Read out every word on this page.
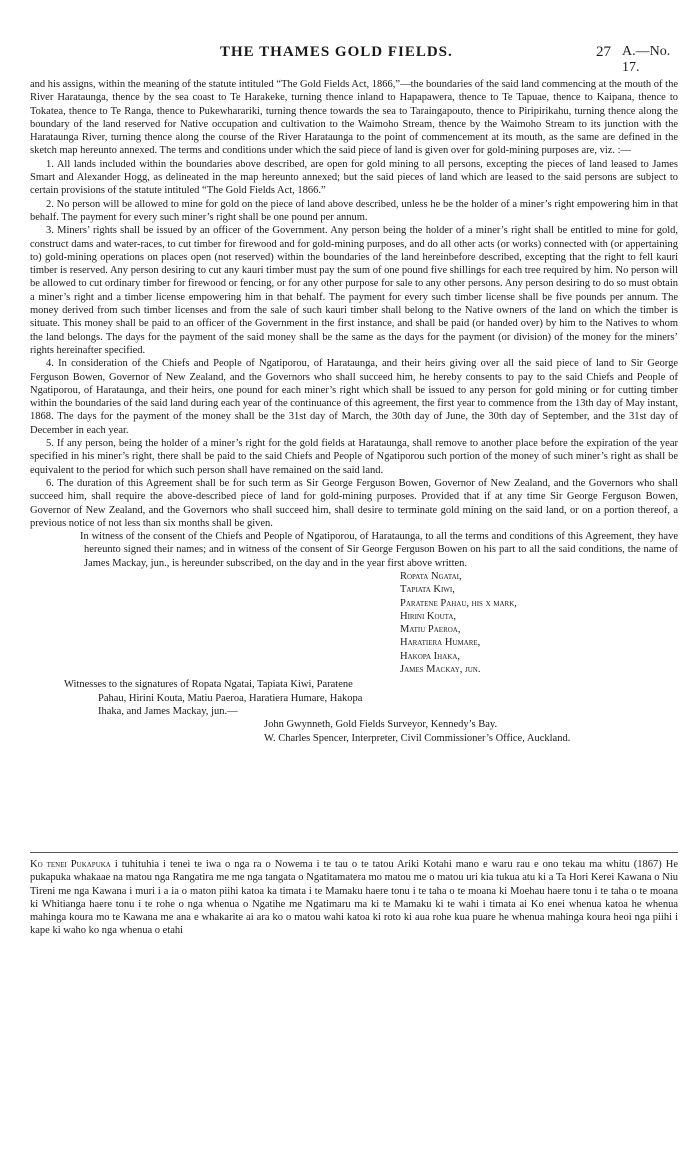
THE THAMES GOLD FIELDS.	27 A.—No. 17.

and his assigns, within the meaning of the statute intituled “The Gold Fields Act, 1866,”—the boundaries of the said land commencing at the mouth of the River Harataunga, thence by the sea coast to Te Harakeke, turning thence inland to Hapapawera, thence to Te Tapuae, thence to Kaipana, thence to Tokatea, thence to Te Ranga, thence to Pukewharariki, turning thence towards the sea to Taraingapouto, thence to Piripirikahu, turning thence along the boundary of the land reserved for Native occupation and cultivation to the Waimoho Stream, thence by the Waimoho Stream to its junction with the Harataunga River, turning thence along the course of the River Harataunga to the point of commencement at its mouth, as the same are defined in the sketch map hereunto annexed. The terms and conditions under which the said piece of land is given over for gold-mining purposes are, viz. :—

1. All lands included within the boundaries above described, are open for gold mining to all persons, excepting the pieces of land leased to James Smart and Alexander Hogg, as delineated in the map hereunto annexed; but the said pieces of land which are leased to the said persons are subject to certain provisions of the statute intituled “The Gold Fields Act, 1866.”

2. No person will be allowed to mine for gold on the piece of land above described, unless he be the holder of a miner’s right empowering him in that behalf. The payment for every such miner’s right shall be one pound per annum.

3. Miners’ rights shall be issued by an officer of the Government. Any person being the holder of a miner’s right shall be entitled to mine for gold, construct dams and water-races, to cut timber for firewood and for gold-mining purposes, and do all other acts (or works) connected with (or appertaining to) gold-mining operations on places open (not reserved) within the boundaries of the land hereinbefore described, excepting that the right to fell kauri timber is reserved. Any person desiring to cut any kauri timber must pay the sum of one pound five shillings for each tree required by him. No person will be allowed to cut ordinary timber for firewood or fencing, or for any other purpose for sale to any other persons. Any person desiring to do so must obtain a miner’s right and a timber license empowering him in that behalf. The payment for every such timber license shall be five pounds per annum. The money derived from such timber licenses and from the sale of such kauri timber shall belong to the Native owners of the land on which the timber is situate. This money shall be paid to an officer of the Government in the first instance, and shall be paid (or handed over) by him to the Natives to whom the land belongs. The days for the payment of the said money shall be the same as the days for the payment (or division) of the money for the miners’ rights hereinafter specified.

4. In consideration of the Chiefs and People of Ngatiporou, of Harataunga, and their heirs giving over all the said piece of land to Sir George Ferguson Bowen, Governor of New Zealand, and the Governors who shall succeed him, he hereby consents to pay to the said Chiefs and People of Ngatiporou, of Harataunga, and their heirs, one pound for each miner’s right which shall be issued to any person for gold mining or for cutting timber within the boundaries of the said land during each year of the continuance of this agreement, the first year to commence from the 13th day of May instant, 1868. The days for the payment of the money shall be the 31st day of March, the 30th day of June, the 30th day of September, and the 31st day of December in each year.

5. If any person, being the holder of a miner’s right for the gold fields at Harataunga, shall remove to another place before the expiration of the year specified in his miner’s right, there shall be paid to the said Chiefs and People of Ngatiporou such portion of the money of such miner’s right as shall be equivalent to the period for which such person shall have remained on the said land.

6. The duration of this Agreement shall be for such term as Sir George Ferguson Bowen, Governor of New Zealand, and the Governors who shall succeed him, shall require the above-described piece of land for gold-mining purposes. Provided that if at any time Sir George Ferguson Bowen, Governor of New Zealand, and the Governors who shall succeed him, shall desire to terminate gold mining on the said land, or on a portion thereof, a previous notice of not less than six months shall be given.

In witness of the consent of the Chiefs and People of Ngatiporou, of Harataunga, to all the terms and conditions of this Agreement, they have hereunto signed their names; and in witness of the consent of Sir George Ferguson Bowen on his part to all the said conditions, the name of James Mackay, jun., is hereunder subscribed, on the day and in the year first above written.

Ropata Ngatai,
Tapiata Kiwi,
Paratene Pahau, his x mark,
Hirini Kouta,
Matiu Paeroa,
Haratiera Humare,
Hakopa Ihaka,
James Mackay, jun.
Witnesses to the signatures of Ropata Ngatai, Tapiata Kiwi, Paratene
Pahau, Hirini Kouta, Matiu Paeroa, Haratiera Humare, Hakopa
Ihaka, and James Mackay, jun.—
John Gwynneth, Gold Fields Surveyor, Kennedy’s Bay.
W. Charles Spencer, Interpreter, Civil Commissioner’s Office, Auckland.

Ko tenei Pukapuka i tuhituhia i tenei te iwa o nga ra o Nowema i te tau o te tatou Ariki Kotahi mano e waru rau e ono tekau ma whitu (1867) He pukapuka whakaae na matou nga Rangatira me me nga tangata o Ngatitamatera mo matou me o matou uri kia tukua atu ki a Ta Hori Kerei Kawana o Niu Tireni me nga Kawana i muri i a ia o maton piihi katoa ka timata i te Mamaku haere tonu i te taha o te moana ki Moehau haere tonu i te taha o te moana ki Whitianga haere tonu i te rohe o nga whenua o Ngatihe me Ngatimaru ma ki te Mamaku ki te wahi i timata ai Ko enei whenua katoa he whenua mahinga koura mo te Kawana me ana e whakarite ai ara ko o matou wahi katoa ki roto ki aua rohe kua puare he whenua mahinga koura heoi nga piihi i kape ki waho ko nga whenua o etahi
